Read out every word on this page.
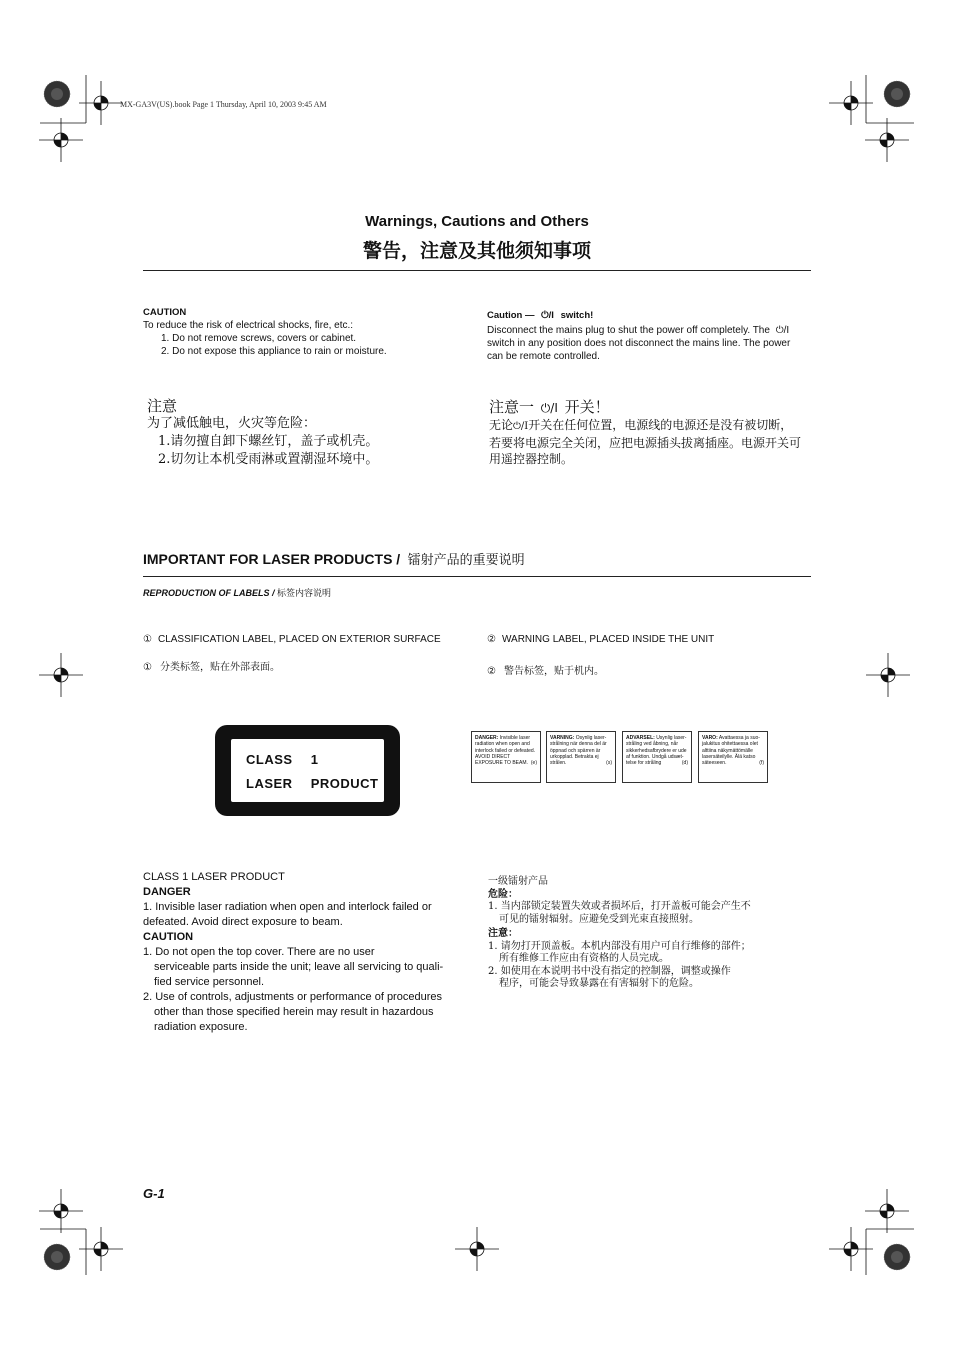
MX-GA3V(US).book Page 1 Thursday, April 10, 2003 9:45 AM
Warnings, Cautions and Others
警告，注意及其他须知事项
CAUTION
To reduce the risk of electrical shocks, fire, etc.:
1. Do not remove screws, covers or cabinet.
2. Do not expose this appliance to rain or moisture.
Caution — ⏻/I switch!
Disconnect the mains plug to shut the power off completely. The ⏻/I
switch in any position does not disconnect the mains line. The power
can be remote controlled.
注意
为了减低触电，火灾等危险：
1.请勿擅自卸下螺丝钉，盖子或机壳。
2.切勿让本机受雨淋或置潮湿环境中。
注意一 ⏻/I 开关！
无论⏻/I开关在任何位置，电源线的电源还是没有被切断，
若要将电源完全关闭，应把电源插头拔离插座。电源开关可
用遥控器控制。
IMPORTANT FOR LASER PRODUCTS / 镭射产品的重要说明
REPRODUCTION OF LABELS / 标签内容说明
① CLASSIFICATION LABEL, PLACED ON EXTERIOR SURFACE	② WARNING LABEL, PLACED INSIDE THE UNIT
① 分类标签，贴在外部表面。	② 警告标签，贴于机内。
CLASS 1
LASER PRODUCT
DANGER: Invisible laser radiation when open and interlock failed or defeated. AVOID DIRECT EXPOSURE TO BEAM. (e)
VARNING: Osynlig laser-strålning när denna del är öppnad och spärren är urkopplad. Betrakta ej strålen.	(s)
ADVARSEL: Usynlig laser-stråling ved åbning, når sikkerhedsafbrydere er ude af funktion. Undgå udsæt-telse for stråling	(d)
VARO: Avattaessa ja suo-jalukitus ohitettaessa olet alttiina näkymättömälle lasersäteilylle. Älä katso säteeseen.	(f)
CLASS 1 LASER PRODUCT
DANGER
1. Invisible laser radiation when open and interlock failed or
defeated. Avoid direct exposure to beam.
CAUTION
1. Do not open the top cover. There are no user
serviceable parts inside the unit; leave all servicing to quali-
fied service personnel.
2. Use of controls, adjustments or performance of procedures
other than those specified herein may result in hazardous
radiation exposure.
一级镭射产品
危险：
1. 当内部锁定装置失效或者损坏后，打开盖板可能会产生不
可见的镭射辐射。应避免受到光束直接照射。
注意：
1. 请勿打开顶盖板。本机内部没有用户可自行维修的部件；
所有维修工作应由有资格的人员完成。
2. 如使用在本说明书中没有指定的控制器，调整或操作
程序，可能会导致暴露在有害辐射下的危险。
G-1
